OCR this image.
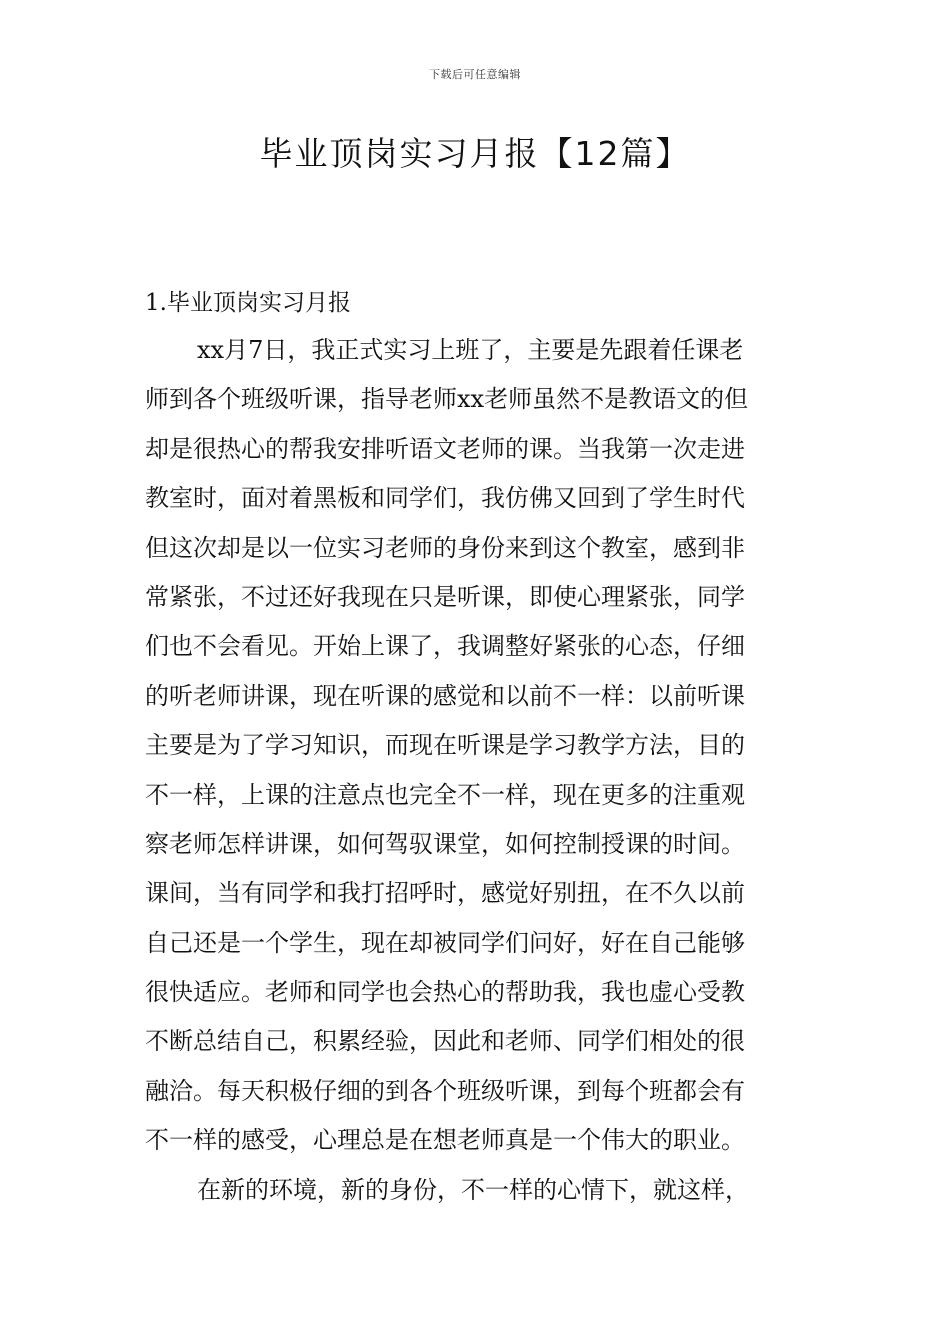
下载后可任意编辑
毕业顶岗实习月报【12篇】
1.毕业顶岗实习月报
xx月7日，我正式实习上班了，主要是先跟着任课老
师到各个班级听课，指导老师xx老师虽然不是教语文的但
却是很热心的帮我安排听语文老师的课。当我第一次走进
教室时，面对着黑板和同学们，我仿佛又回到了学生时代
但这次却是以一位实习老师的身份来到这个教室，感到非
常紧张，不过还好我现在只是听课，即使心理紧张，同学
们也不会看见。开始上课了，我调整好紧张的心态，仔细
的听老师讲课，现在听课的感觉和以前不一样：以前听课
主要是为了学习知识，而现在听课是学习教学方法，目的
不一样，上课的注意点也完全不一样，现在更多的注重观
察老师怎样讲课，如何驾驭课堂，如何控制授课的时间。
课间，当有同学和我打招呼时，感觉好别扭，在不久以前
自己还是一个学生，现在却被同学们问好，好在自己能够
很快适应。老师和同学也会热心的帮助我，我也虚心受教
不断总结自己，积累经验，因此和老师、同学们相处的很
融洽。每天积极仔细的到各个班级听课，到每个班都会有
不一样的感受，心理总是在想老师真是一个伟大的职业。
在新的环境，新的身份，不一样的心情下，就这样，
